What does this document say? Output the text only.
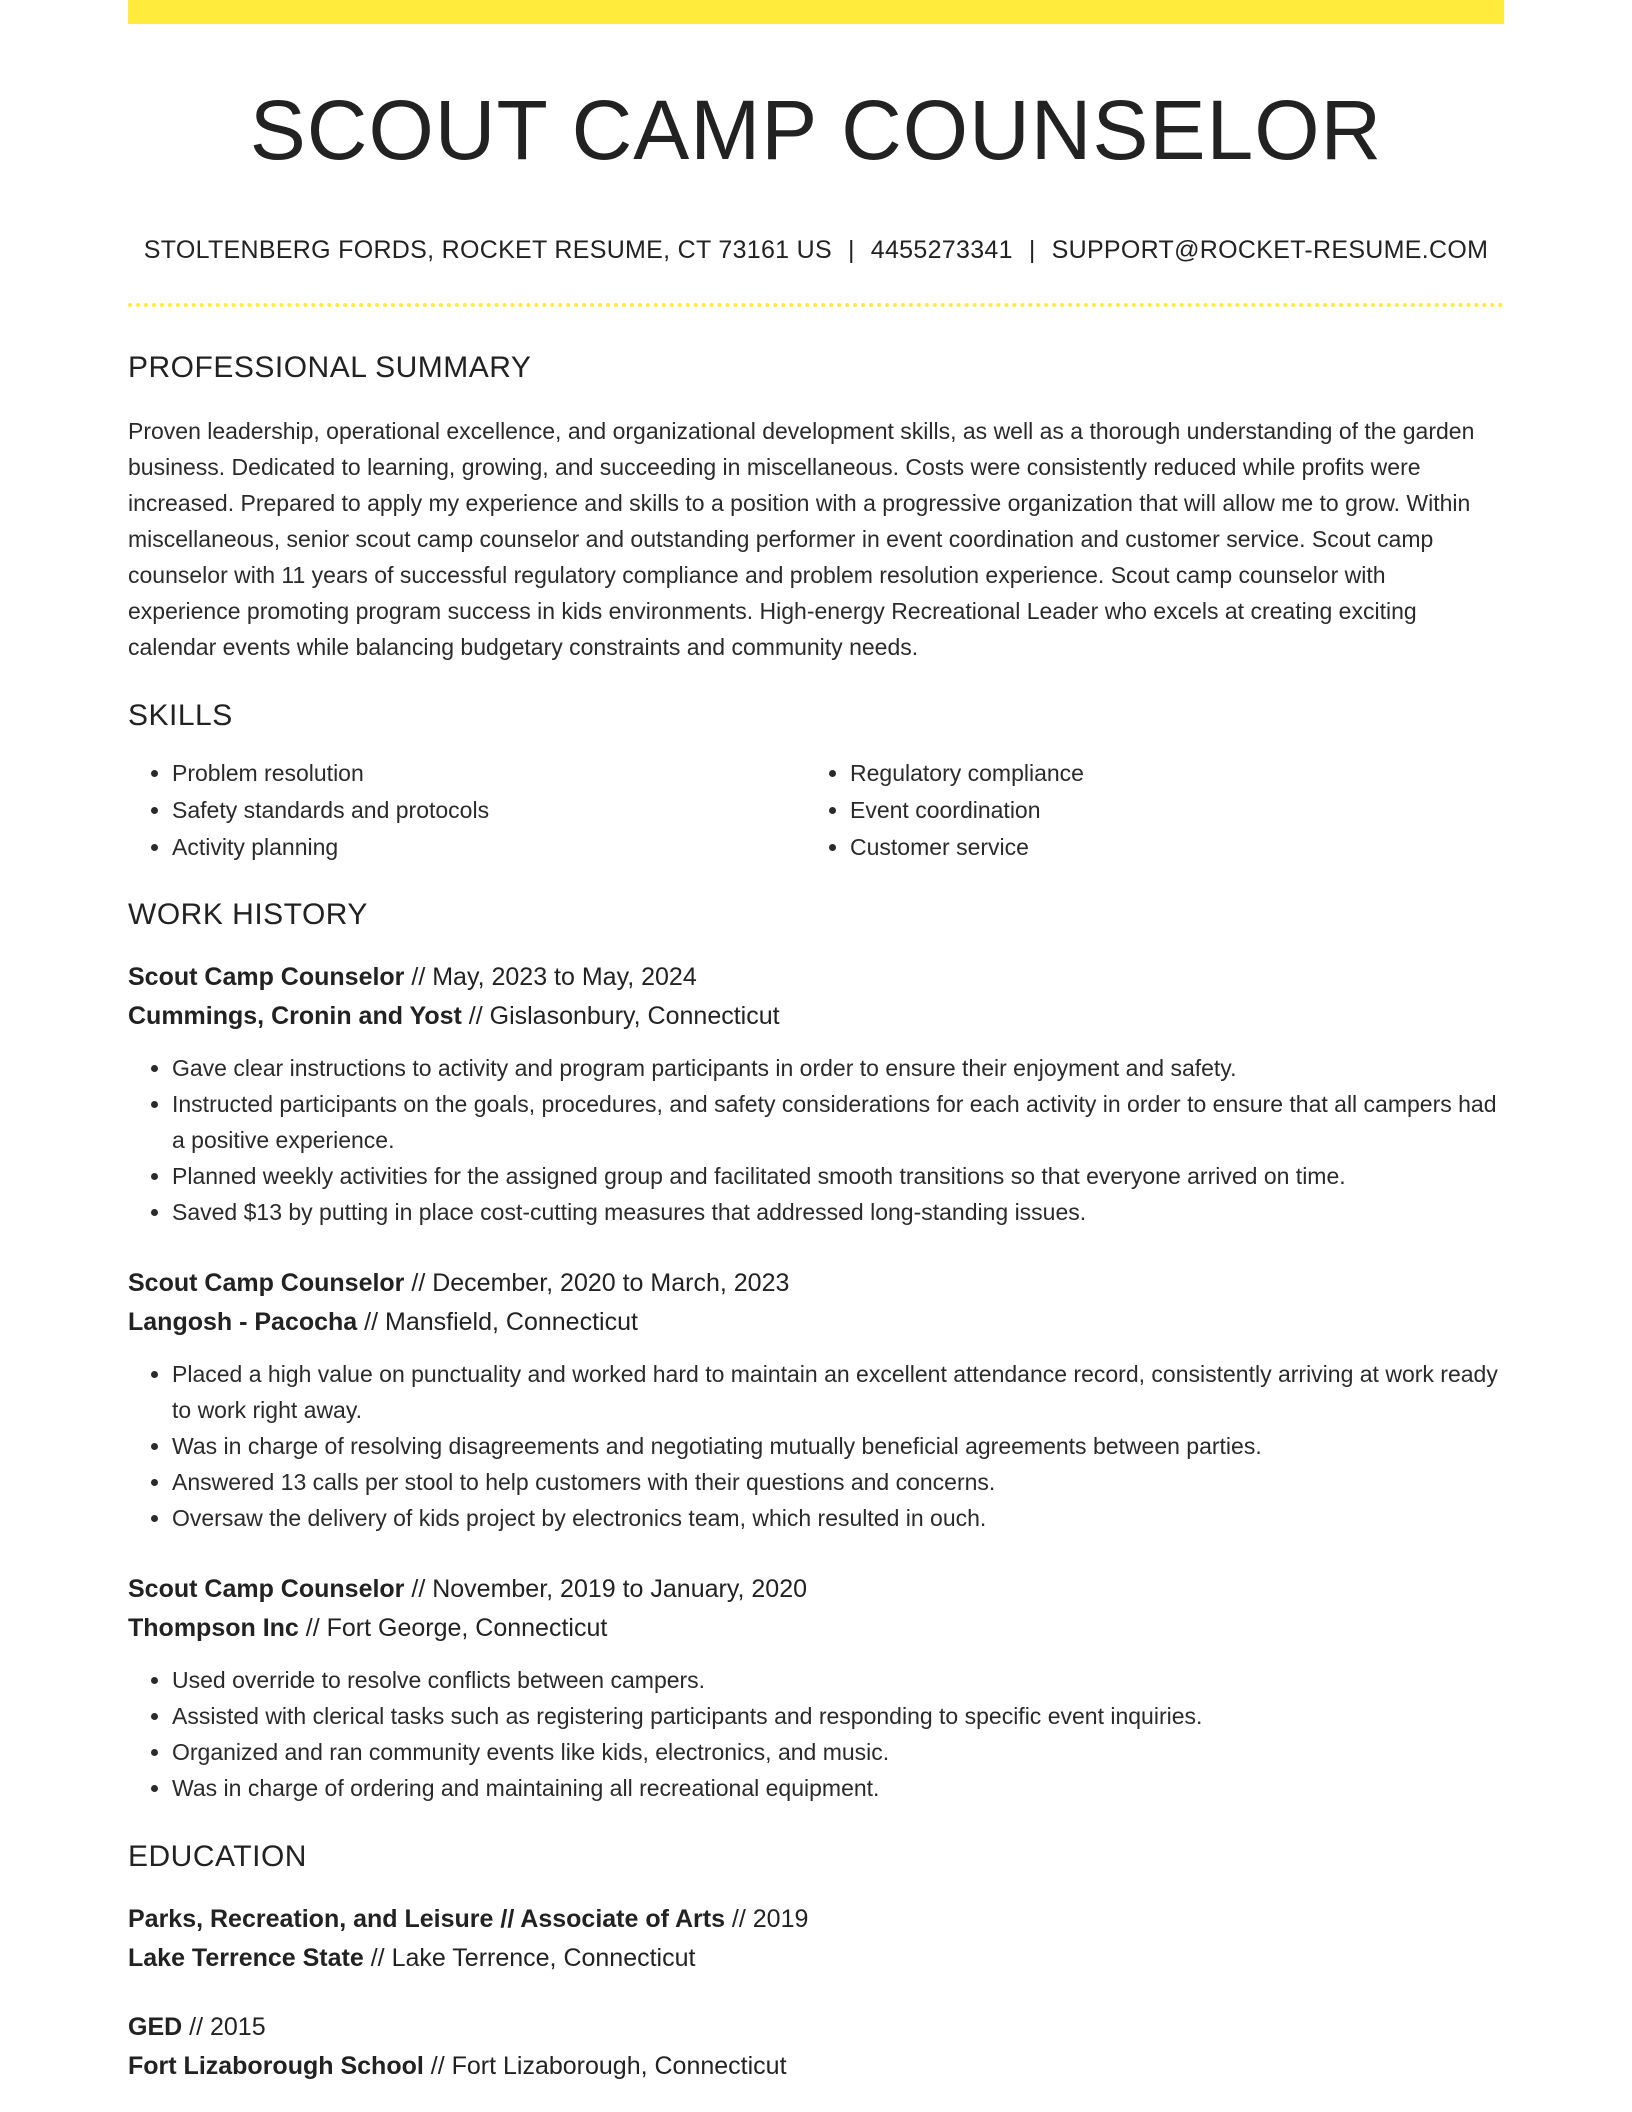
SCOUT CAMP COUNSELOR
STOLTENBERG FORDS, ROCKET RESUME, CT 73161 US | 4455273341 | SUPPORT@ROCKET-RESUME.COM
PROFESSIONAL SUMMARY

Proven leadership, operational excellence, and organizational development skills, as well as a thorough understanding of the garden business. Dedicated to learning, growing, and succeeding in miscellaneous. Costs were consistently reduced while profits were increased. Prepared to apply my experience and skills to a position with a progressive organization that will allow me to grow. Within miscellaneous, senior scout camp counselor and outstanding performer in event coordination and customer service. Scout camp counselor with 11 years of successful regulatory compliance and problem resolution experience. Scout camp counselor with experience promoting program success in kids environments. High-energy Recreational Leader who excels at creating exciting calendar events while balancing budgetary constraints and community needs.

SKILLS
• Problem resolution
• Safety standards and protocols
• Activity planning
• Regulatory compliance
• Event coordination
• Customer service
WORK HISTORY
Scout Camp Counselor // May, 2023 to May, 2024
Cummings, Cronin and Yost // Gislasonbury, Connecticut
• Gave clear instructions to activity and program participants in order to ensure their enjoyment and safety.
• Instructed participants on the goals, procedures, and safety considerations for each activity in order to ensure that all campers had a positive experience.
• Planned weekly activities for the assigned group and facilitated smooth transitions so that everyone arrived on time.
• Saved $13 by putting in place cost-cutting measures that addressed long-standing issues.
Scout Camp Counselor // December, 2020 to March, 2023
Langosh - Pacocha // Mansfield, Connecticut
• Placed a high value on punctuality and worked hard to maintain an excellent attendance record, consistently arriving at work ready to work right away.
• Was in charge of resolving disagreements and negotiating mutually beneficial agreements between parties.
• Answered 13 calls per stool to help customers with their questions and concerns.
• Oversaw the delivery of kids project by electronics team, which resulted in ouch.
Scout Camp Counselor // November, 2019 to January, 2020
Thompson Inc // Fort George, Connecticut
• Used override to resolve conflicts between campers.
• Assisted with clerical tasks such as registering participants and responding to specific event inquiries.
• Organized and ran community events like kids, electronics, and music.
• Was in charge of ordering and maintaining all recreational equipment.
EDUCATION
Parks, Recreation, and Leisure // Associate of Arts // 2019
Lake Terrence State // Lake Terrence, Connecticut
GED // 2015
Fort Lizaborough School // Fort Lizaborough, Connecticut
